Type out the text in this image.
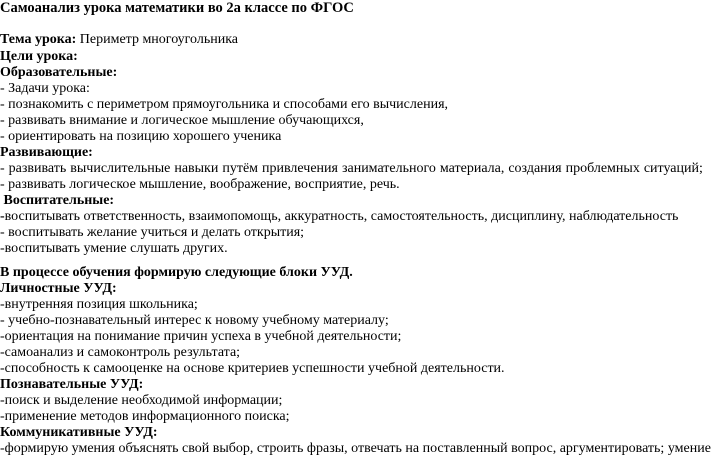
Самоанализ урока математики во 2а классе по ФГОС
Тема урока: Периметр многоугольника
Цели урока:
Образовательные:
- Задачи урока:
- познакомить с периметром прямоугольника и способами его вычисления,
- развивать внимание и логическое мышление обучающихся,
- ориентировать на позицию хорошего ученика
Развивающие:
- развивать вычислительные навыки путём привлечения занимательного материала, создания проблемных ситуаций;
- развивать логическое мышление, воображение, восприятие, речь.
Воспитательные:
-воспитывать ответственность, взаимопомощь, аккуратность, самостоятельность, дисциплину, наблюдательность
- воспитывать желание учиться и делать открытия;
-воспитывать умение слушать других.
В процессе обучения формирую следующие блоки УУД.
Личностные УУД:
-внутренняя позиция школьника;
- учебно-познавательный интерес к новому учебному материалу;
-ориентация на понимание причин успеха в учебной деятельности;
-самоанализ и самоконтроль результата;
-способность к самооценке на основе критериев успешности учебной деятельности.
Познавательные УУД:
-поиск и выделение необходимой информации;
-применение методов информационного поиска;
Коммуникативные УУД:
-формирую умения объяснять свой выбор, строить фразы, отвечать на поставленный вопрос, аргументировать; умение
